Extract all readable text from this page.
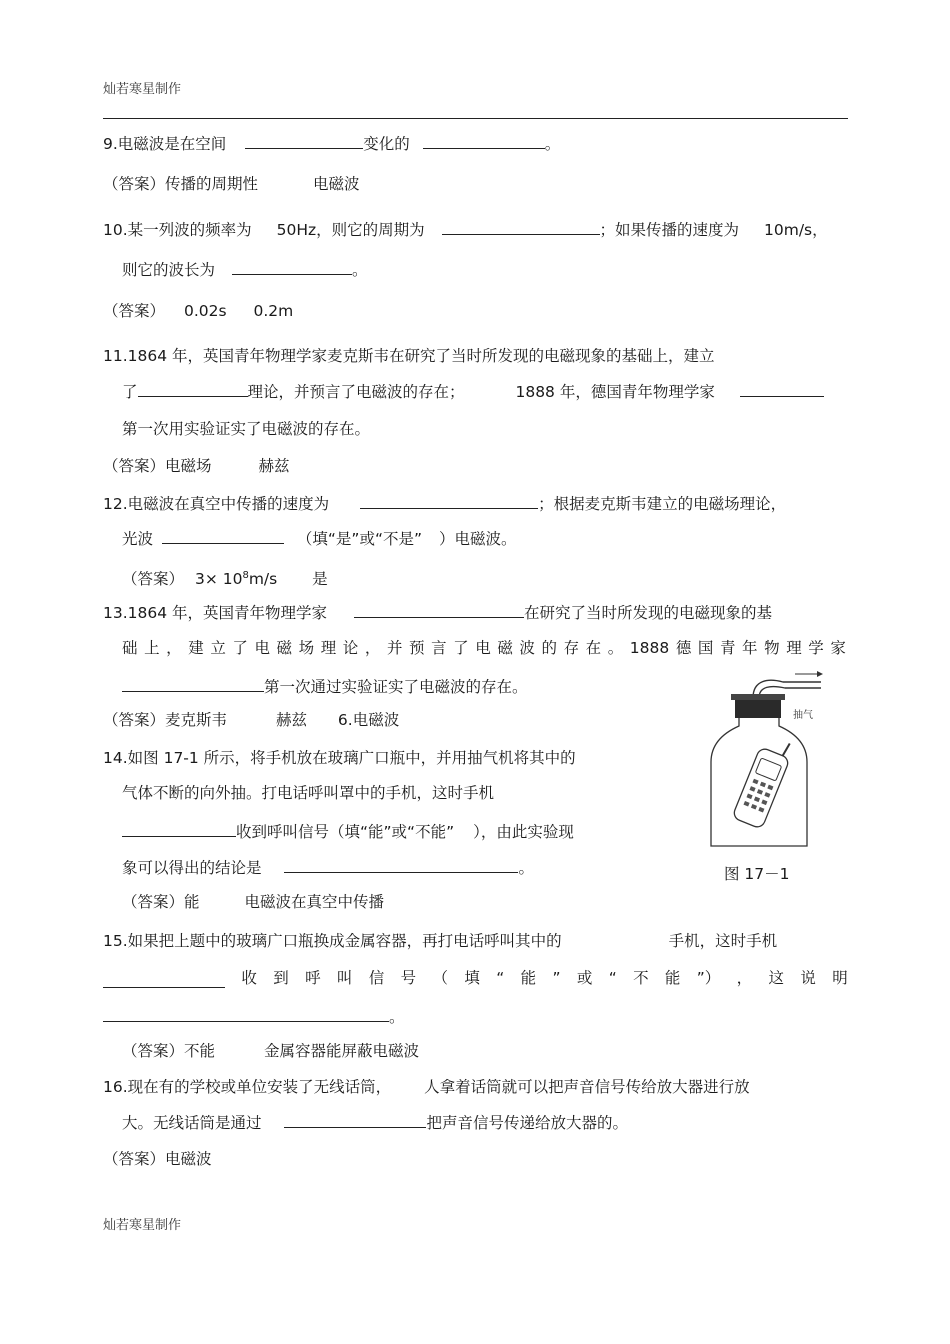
灿若寒星制作
9.电磁波是在空间	变化的	。
（答案）传播的周期性	电磁波
10.某一列波的频率为 50Hz，则它的周期为	；如果传播的速度为 10m/s，
则它的波长为	。
（答案） 0.02s 0.2m
11.1864 年，英国青年物理学家麦克斯韦在研究了当时所发现的电磁现象的基础上，建立
了	理论，并预言了电磁波的存在；	1888 年，德国青年物理学家
第一次用实验证实了电磁波的存在。
（答案）电磁场	赫兹
12.电磁波在真空中传播的速度为	；根据麦克斯韦建立的电磁场理论，
光波	（填“是”或“不是” ）电磁波。
（答案） $3\times 10^8m/s$ 是
13.1864 年，英国青年物理学家	在研究了当时所发现的电磁现象的基
础 上 ， 建 立 了 电 磁 场 理 论 ， 并 预 言 了 电 磁 波 的 存 在 。 1888 德 国 青 年 物 理 学 家
第一次通过实验证实了电磁波的存在。
（答案）麦克斯韦	赫兹 6.电磁波
14.如图 17-1 所示，将手机放在玻璃广口瓶中，并用抽气机将其中的
气体不断的向外抽。打电话呼叫罩中的手机，这时手机
收到呼叫信号（填“能”或“不能” ），由此实验现
象可以得出的结论是	。
（答案）能	电磁波在真空中传播
抽气
图 17－1
15.如果把上题中的玻璃广口瓶换成金属容器，再打电话呼叫其中的	手机，这时手机
收 到 呼 叫 信 号 （ 填 “ 能 ” 或 “ 不 能 ”） ， 这 说 明
。
（答案）不能	金属容器能屏蔽电磁波
16.现在有的学校或单位安装了无线话筒， 人拿着话筒就可以把声音信号传给放大器进行放
大。无线话筒是通过	把声音信号传递给放大器的。
（答案）电磁波
灿若寒星制作
